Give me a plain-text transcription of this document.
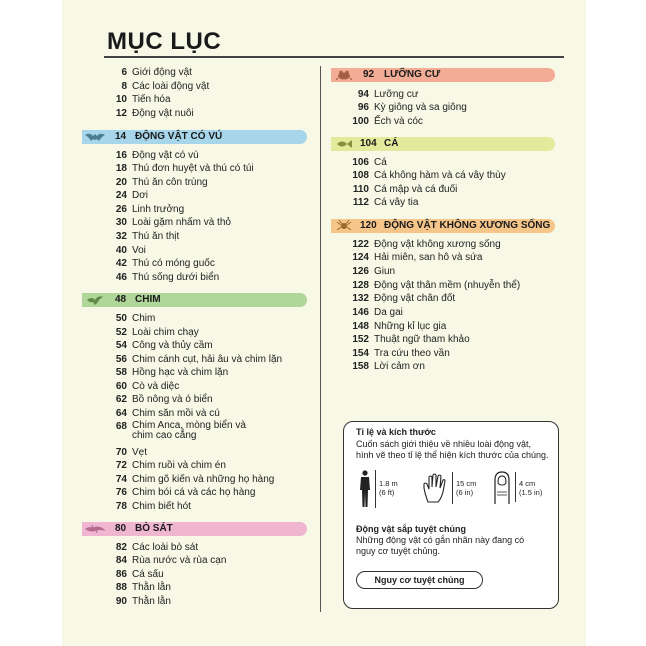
MỤC LỤC
6 Giới động vật
8 Các loài động vật
10 Tiến hóa
12 Động vật nuôi
14 ĐỘNG VẬT CÓ VÚ
16 Động vật có vú
18 Thú đơn huyệt và thú có túi
20 Thú ăn côn trùng
24 Dơi
26 Linh trưởng
30 Loài gặm nhấm và thỏ
32 Thú ăn thịt
40 Voi
42 Thú có móng guốc
46 Thú sống dưới biển
48 CHIM
50 Chim
52 Loài chim chạy
54 Công và thủy cầm
56 Chim cánh cụt, hải âu và chim lặn
58 Hồng hạc và chim lặn
60 Cò và diệc
62 Bồ nông và ó biển
64 Chim săn mồi và cú
68 Chim Anca, mòng biển và chim cao cẳng
70 Vẹt
72 Chim ruồi và chim én
74 Chim gõ kiến và những họ hàng
76 Chim bói cá và các họ hàng
78 Chim biết hót
80 BÒ SÁT
82 Các loài bò sát
84 Rùa nước và rùa cạn
86 Cá sấu
88 Thằn lằn
90 Thằn lằn
92 LƯỠNG CƯ
94 Lưỡng cư
96 Kỳ giông và sa giông
100 Ếch và cóc
104 CÁ
106 Cá
108 Cá không hàm và cá vây thùy
110 Cá mập và cá đuối
112 Cá vây tia
120 ĐỘNG VẬT KHÔNG XƯƠNG SỐNG
122 Động vật không xương sống
124 Hải miên, san hô và sứa
126 Giun
128 Động vật thân mềm (nhuyễn thể)
132 Động vật chân đốt
146 Da gai
148 Những kỉ lục gia
152 Thuật ngữ tham khảo
154 Tra cứu theo vần
158 Lời cảm ơn
Tỉ lệ và kích thước
Cuốn sách giới thiệu về nhiều loài động vật,
hình vẽ theo tỉ lệ thể hiện kích thước của chúng.
1.8 m
(6 ft)
15 cm
(6 in)
4 cm
(1.5 in)
Động vật sắp tuyệt chủng
Những động vật có gắn nhãn này đang có
nguy cơ tuyệt chủng.
Nguy cơ tuyệt chủng
